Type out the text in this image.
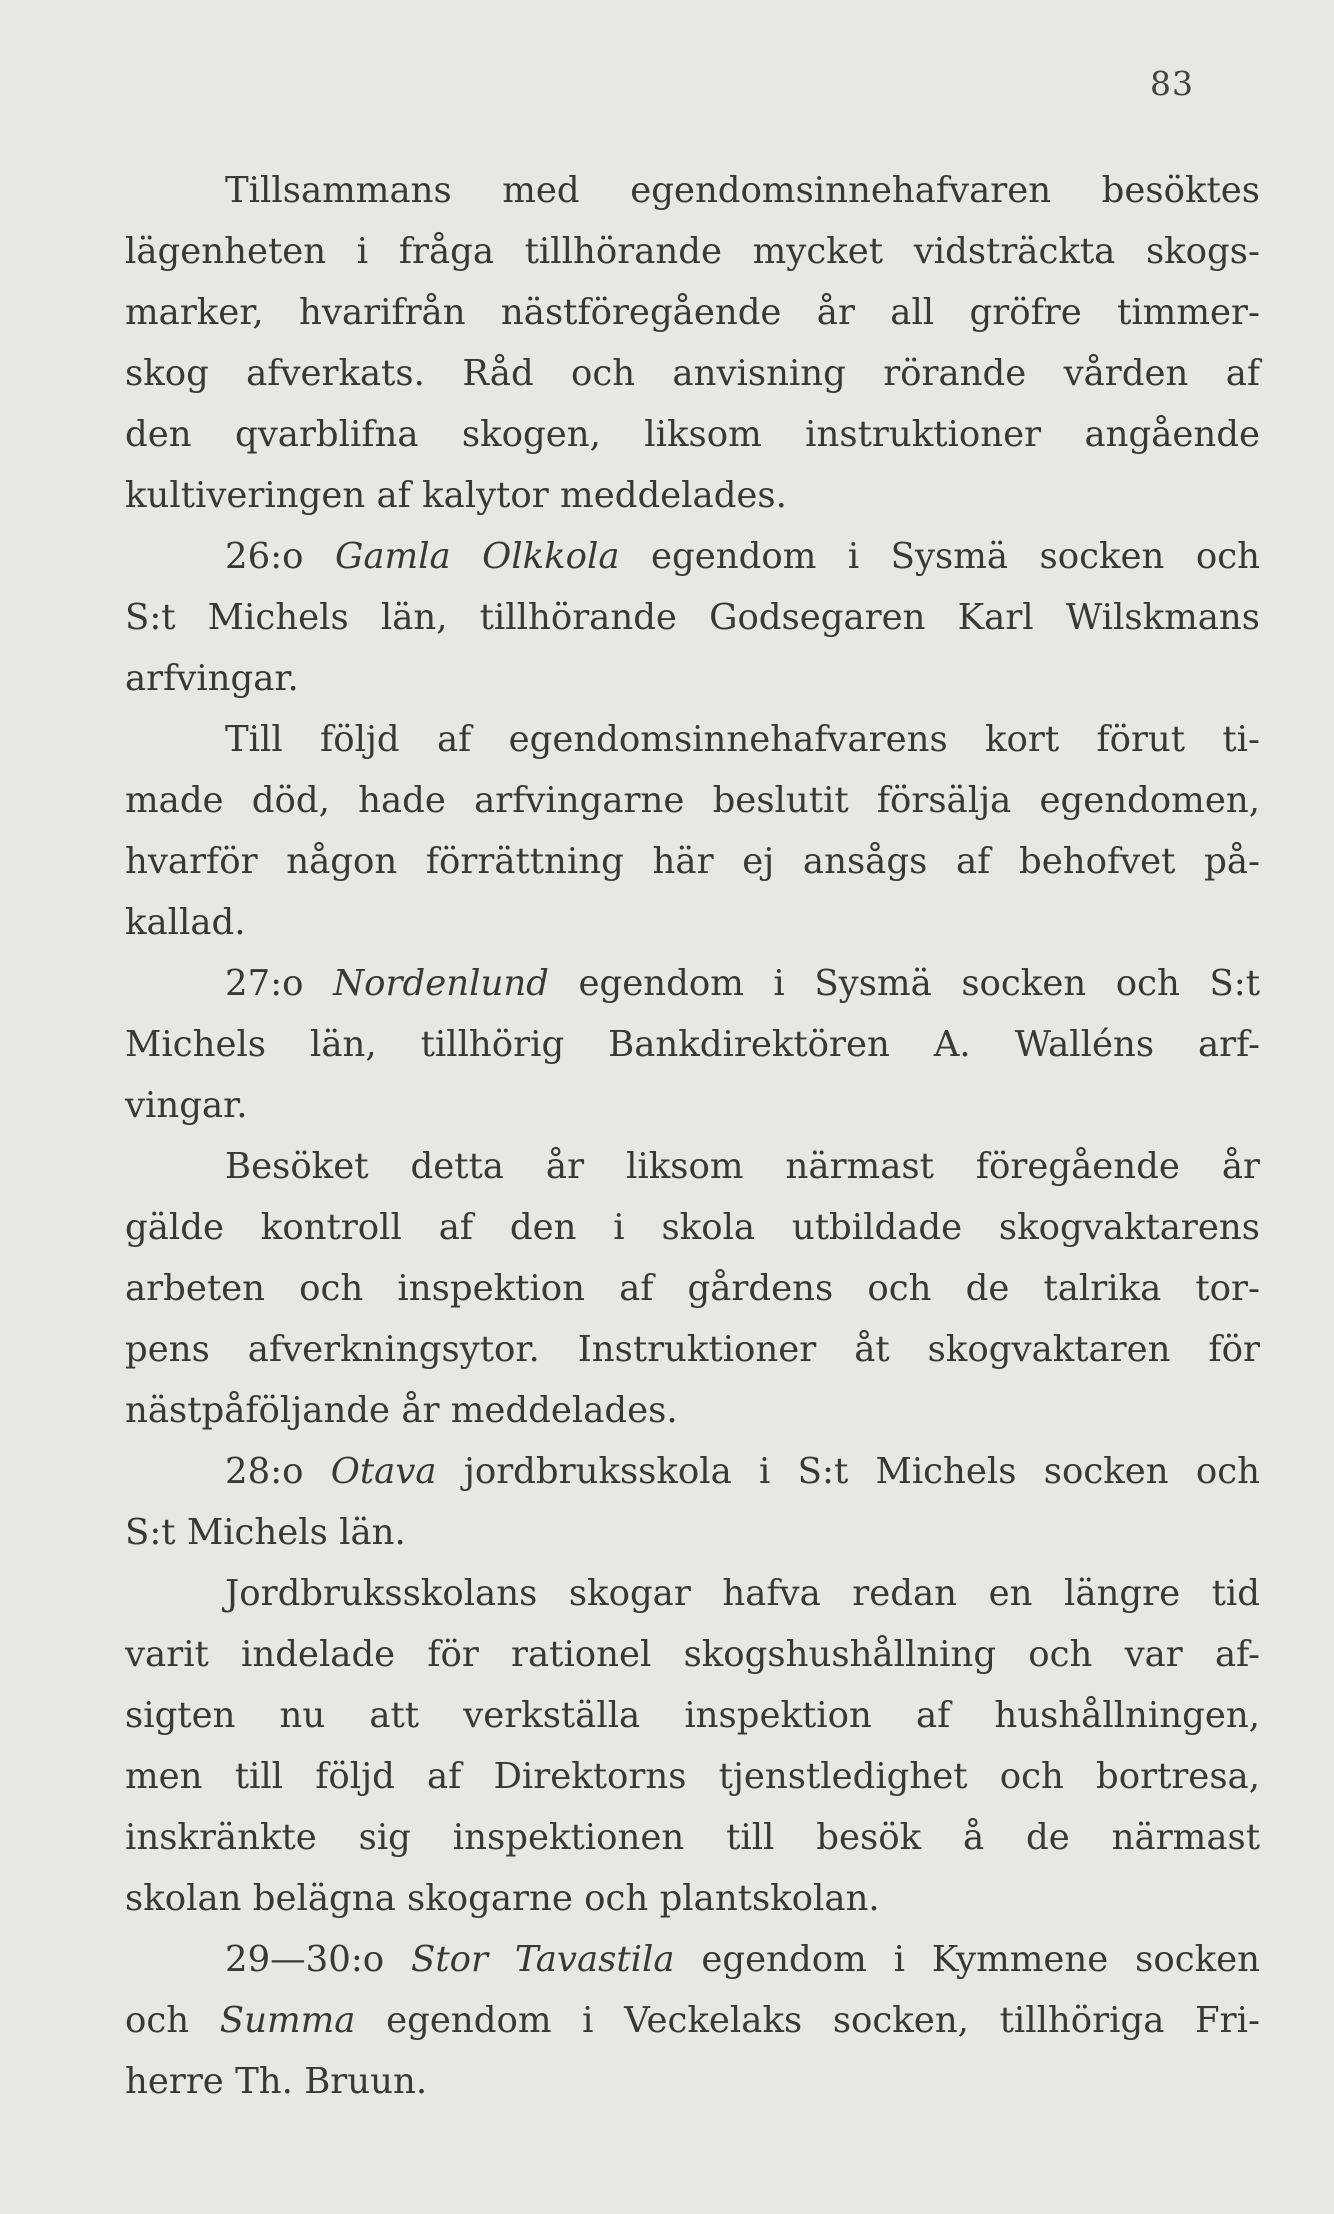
83
Tillsammans med egendomsinnehafvaren besöktes
lägenheten i fråga tillhörande mycket vidsträckta skogs-
marker, hvarifrån nästföregående år all gröfre timmer-
skog afverkats. Råd och anvisning rörande vården af
den qvarblifna skogen, liksom instruktioner angående
kultiveringen af kalytor meddelades.
26:o Gamla Olkkola egendom i Sysmä socken och
S:t Michels län, tillhörande Godsegaren Karl Wilskmans
arfvingar.
Till följd af egendomsinnehafvarens kort förut ti-
made död, hade arfvingarne beslutit försälja egendomen,
hvarför någon förrättning här ej ansågs af behofvet på-
kallad.
27:o Nordenlund egendom i Sysmä socken och S:t
Michels län, tillhörig Bankdirektören A. Walléns arf-
vingar.
Besöket detta år liksom närmast föregående år
gälde kontroll af den i skola utbildade skogvaktarens
arbeten och inspektion af gårdens och de talrika tor-
pens afverkningsytor. Instruktioner åt skogvaktaren för
nästpåföljande år meddelades.
28:o Otava jordbruksskola i S:t Michels socken och
S:t Michels län.
Jordbruksskolans skogar hafva redan en längre tid
varit indelade för rationel skogshushållning och var af-
sigten nu att verkställa inspektion af hushållningen,
men till följd af Direktorns tjenstledighet och bortresa,
inskränkte sig inspektionen till besök å de närmast
skolan belägna skogarne och plantskolan.
29—30:o Stor Tavastila egendom i Kymmene socken
och Summa egendom i Veckelaks socken, tillhöriga Fri-
herre Th. Bruun.
